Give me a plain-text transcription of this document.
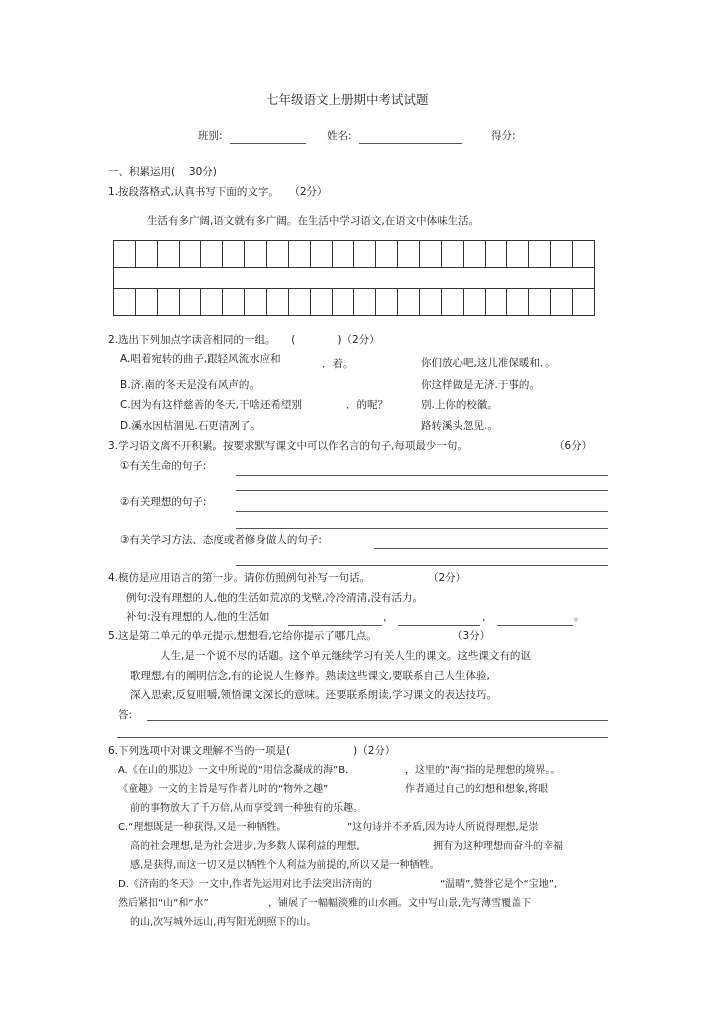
七年级语文上册期中考试试题
班别:	姓名:	得分:
一、积累运用(　 30分)
1.按段落格式,认真书写下面的文字。　　（2分）
生活有多广阔,语文就有多广阔。在生活中学习语文,在语文中体味生活。
2.选出下列加点字读音相同的一组。　　(　　　　)（2分）
A.唱着宛转的曲子,跟轻风流水应和	．着。	你们放心吧,这儿准保暖和．。
B.济.南的冬天是没有风声的。	你这样做是无济.于事的。
C.因为有这样慈善的冬天,干啥还希望别	．的呢？	别.上你的校徽。
D.溪水因枯涸见.石更清冽了。	路转溪头忽见.。
3.学习语文离不开积累。按要求默写课文中可以作名言的句子,每项最少一句。	（6分）
①有关生命的句子:
②有关理想的句子:
③有关学习方法、态度或者修身做人的句子:
4.模仿是应用语言的第一步。请你仿照例句补写一句话。	（2分）
例句:没有理想的人,他的生活如荒凉的戈壁,冷冷清清,没有活力。
补句:没有理想的人,他的生活如	，	，	。
5.这是第二单元的单元提示,想想看,它给你提示了哪几点。	（3分）
人生,是一个说不尽的话题。这个单元继续学习有关人生的课文。这些课文有的讴
歌理想,有的阐明信念,有的论说人生修养。熟读这些课文,要联系自己人生体验,
深入思索,反复咀嚼,领悟课文深长的意味。还要联系朗读,学习课文的表达技巧。
答:
6.下列选项中对课文理解不当的一项是(　　　　　　)（2分）
A.《在山的那边》一文中所说的“用信念凝成的海”B.	，这里的“海”指的是理想的境界。。
《童趣》一文的主旨是写作者儿时的“物外之趣”	作者通过自己的幻想和想象,将眼
前的事物放大了千万倍,从而享受到一种独有的乐趣。
C.“理想既是一种获得,又是一种牺牲。	”这句诗并不矛盾,因为诗人所说得理想,是崇
高的社会理想,是为社会进步,为多数人谋利益的理想,	拥有为这种理想而奋斗的幸福
感,是获得,而这一切又是以牺牲个人利益为前提的,所以又是一种牺牲。
D.《济南的冬天》一文中,作者先运用对比手法突出济南的	“温晴”,赞誉它是个“宝地”,
然后紧扣“山”和“水”	，铺展了一幅幅淡雅的山水画。文中写山景,先写薄雪覆盖下
的山,次写城外远山,再写阳光朗照下的山。
